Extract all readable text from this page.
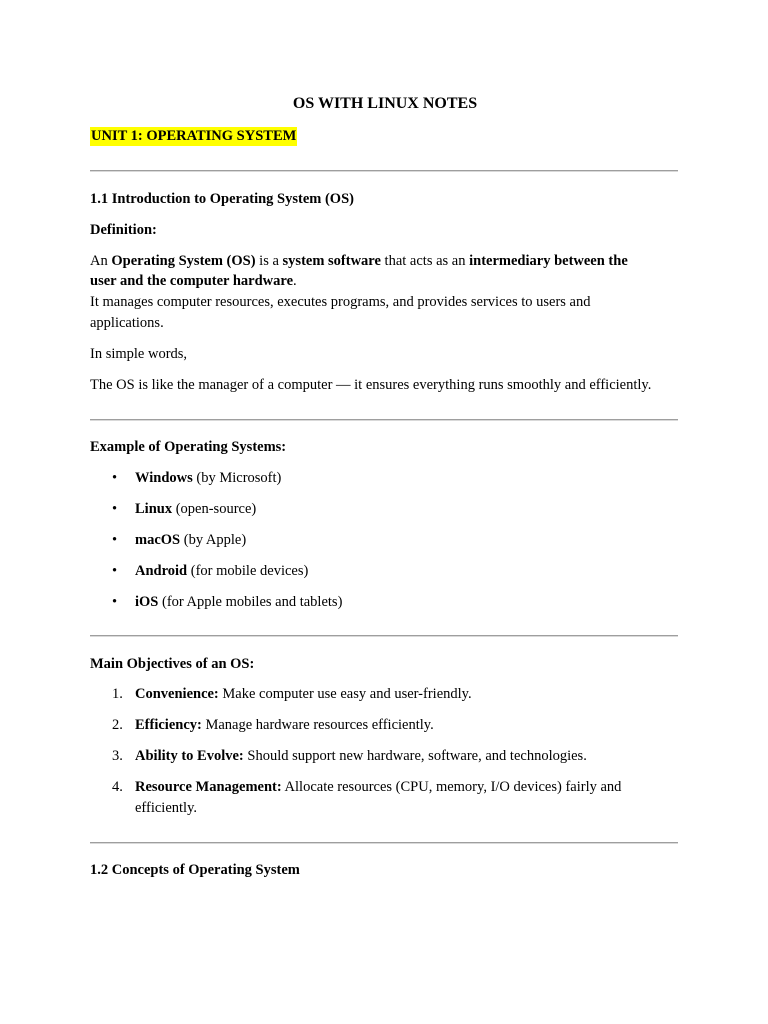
OS WITH LINUX NOTES
UNIT 1: OPERATING SYSTEM
1.1 Introduction to Operating System (OS)
Definition:
An Operating System (OS) is a system software that acts as an intermediary between the
user and the computer hardware.
It manages computer resources, executes programs, and provides services to users and
applications.
In simple words,
The OS is like the manager of a computer — it ensures everything runs smoothly and efficiently.
Example of Operating Systems:
• Windows (by Microsoft)
• Linux (open-source)
• macOS (by Apple)
• Android (for mobile devices)
• iOS (for Apple mobiles and tablets)
Main Objectives of an OS:
1. Convenience: Make computer use easy and user-friendly.
2. Efficiency: Manage hardware resources efficiently.
3. Ability to Evolve: Should support new hardware, software, and technologies.
4. Resource Management: Allocate resources (CPU, memory, I/O devices) fairly and
efficiently.
1.2 Concepts of Operating System
